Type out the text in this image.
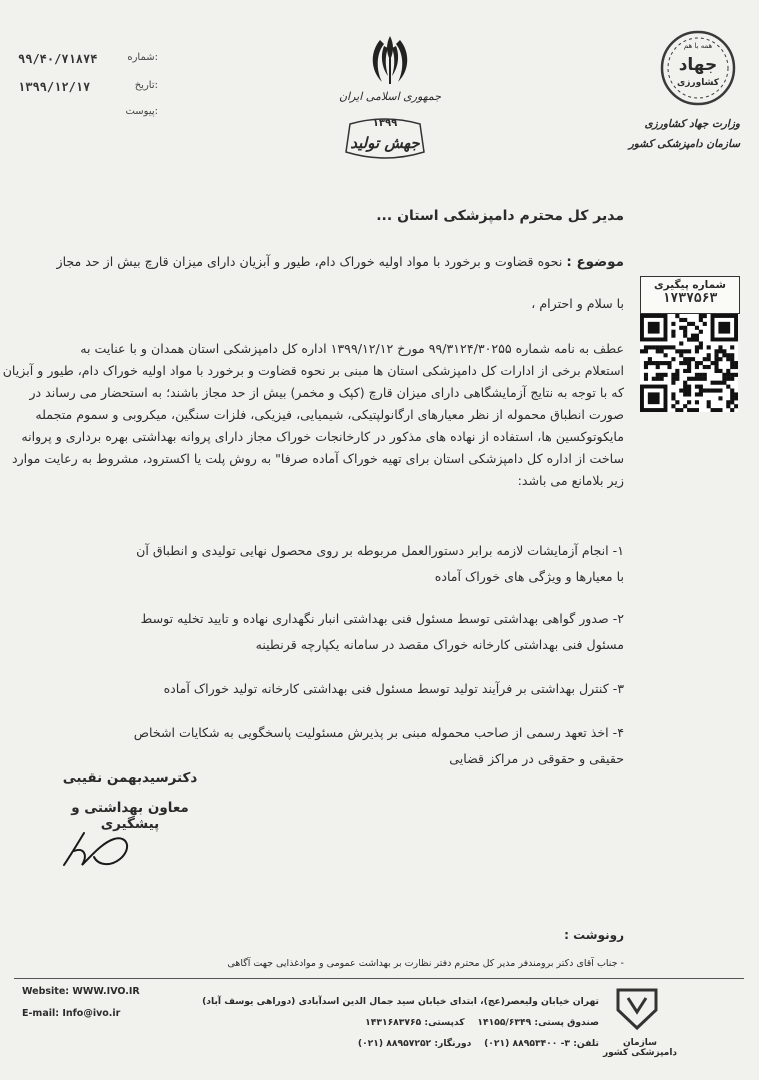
۹۹/۴۰/۷۱۸۷۴	شماره:
۱۳۹۹/۱۲/۱۷	تاریخ:
پیوست:
جمهوری اسلامی ایران
۱۳۹۹
جهش تولید
همه با هم
جهاد
کشاورزی
وزارت جهاد کشاورزی
سازمان دامپزشکی کشور
مدیر کل محترم دامپزشکی استان ...
موضوع : نحوه قضاوت و برخورد با مواد اولیه خوراک دام، طیور و آبزیان دارای میزان قارچ بیش از حد مجاز
با سلام و احترام ،
شماره پیگیری
۱۷۳۷۵۶۳
عطف به نامه شماره ۹۹/۳۱۲۴/۳۰۲۵۵ مورخ ۱۳۹۹/۱۲/۱۲ اداره کل دامپزشکی استان همدان و با عنایت به
استعلام برخی از ادارات کل دامپزشکی استان ها مبنی بر نحوه قضاوت و برخورد با مواد اولیه خوراک دام، طیور و آبزیان
که با توجه به نتایج آزمایشگاهی دارای میزان قارچ (کپک و مخمر) بیش از حد مجاز باشند؛ به استحضار می رساند در
صورت انطباق محموله از نظر معیارهای ارگانولپتیکی، شیمیایی، فیزیکی، فلزات سنگین، میکروبی و سموم متجمله
مایکوتوکسین ها، استفاده از نهاده های مذکور در کارخانجات خوراک مجاز دارای پروانه بهداشتی بهره برداری و پروانه
ساخت از اداره کل دامپزشکی استان برای تهیه خوراک آماده صرفا" به روش پلت یا اکسترود، مشروط به رعایت موارد
زیر بلامانع می باشد:
۱- انجام آزمایشات لازمه برابر دستورالعمل مربوطه بر روی محصول نهایی تولیدی و انطباق آن با معیارها و ویژگی های خوراک آماده
۲- صدور گواهی بهداشتی توسط مسئول فنی بهداشتی انبار نگهداری نهاده و تایید تخلیه توسط مسئول فنی بهداشتی کارخانه خوراک مقصد در سامانه یکپارچه قرنطینه
۳- کنترل بهداشتی بر فرآیند تولید توسط مسئول فنی بهداشتی کارخانه تولید خوراک آماده
۴- اخذ تعهد رسمی از صاحب محموله مبنی بر پذیرش مسئولیت پاسخگویی به شکایات اشخاص حقیقی و حقوقی در مراکز قضایی
دکترسیدبهمن نقیبی
معاون بهداشتی و پیشگیری
رونوشت :
- جناب آقای دکتر برومندفر مدیر کل محترم دفتر نظارت بر بهداشت عمومی و موادغذایی جهت آگاهی
Website: WWW.IVO.IR
E-mail: Info@ivo.ir
تهران خیابان ولیعصر(عج)، ابتدای خیابان سید جمال الدین اسدآبادی (دوراهی یوسف آباد)
صندوق پستی: ۱۴۱۵۵/۶۳۴۹    کدپستی: ۱۴۳۱۶۸۳۷۶۵
تلفن: ۳- ۸۸۹۵۳۴۰۰ (۰۲۱)    دورنگار: ۸۸۹۵۷۲۵۲ (۰۲۱)	سازمان دامپزشکی کشور
